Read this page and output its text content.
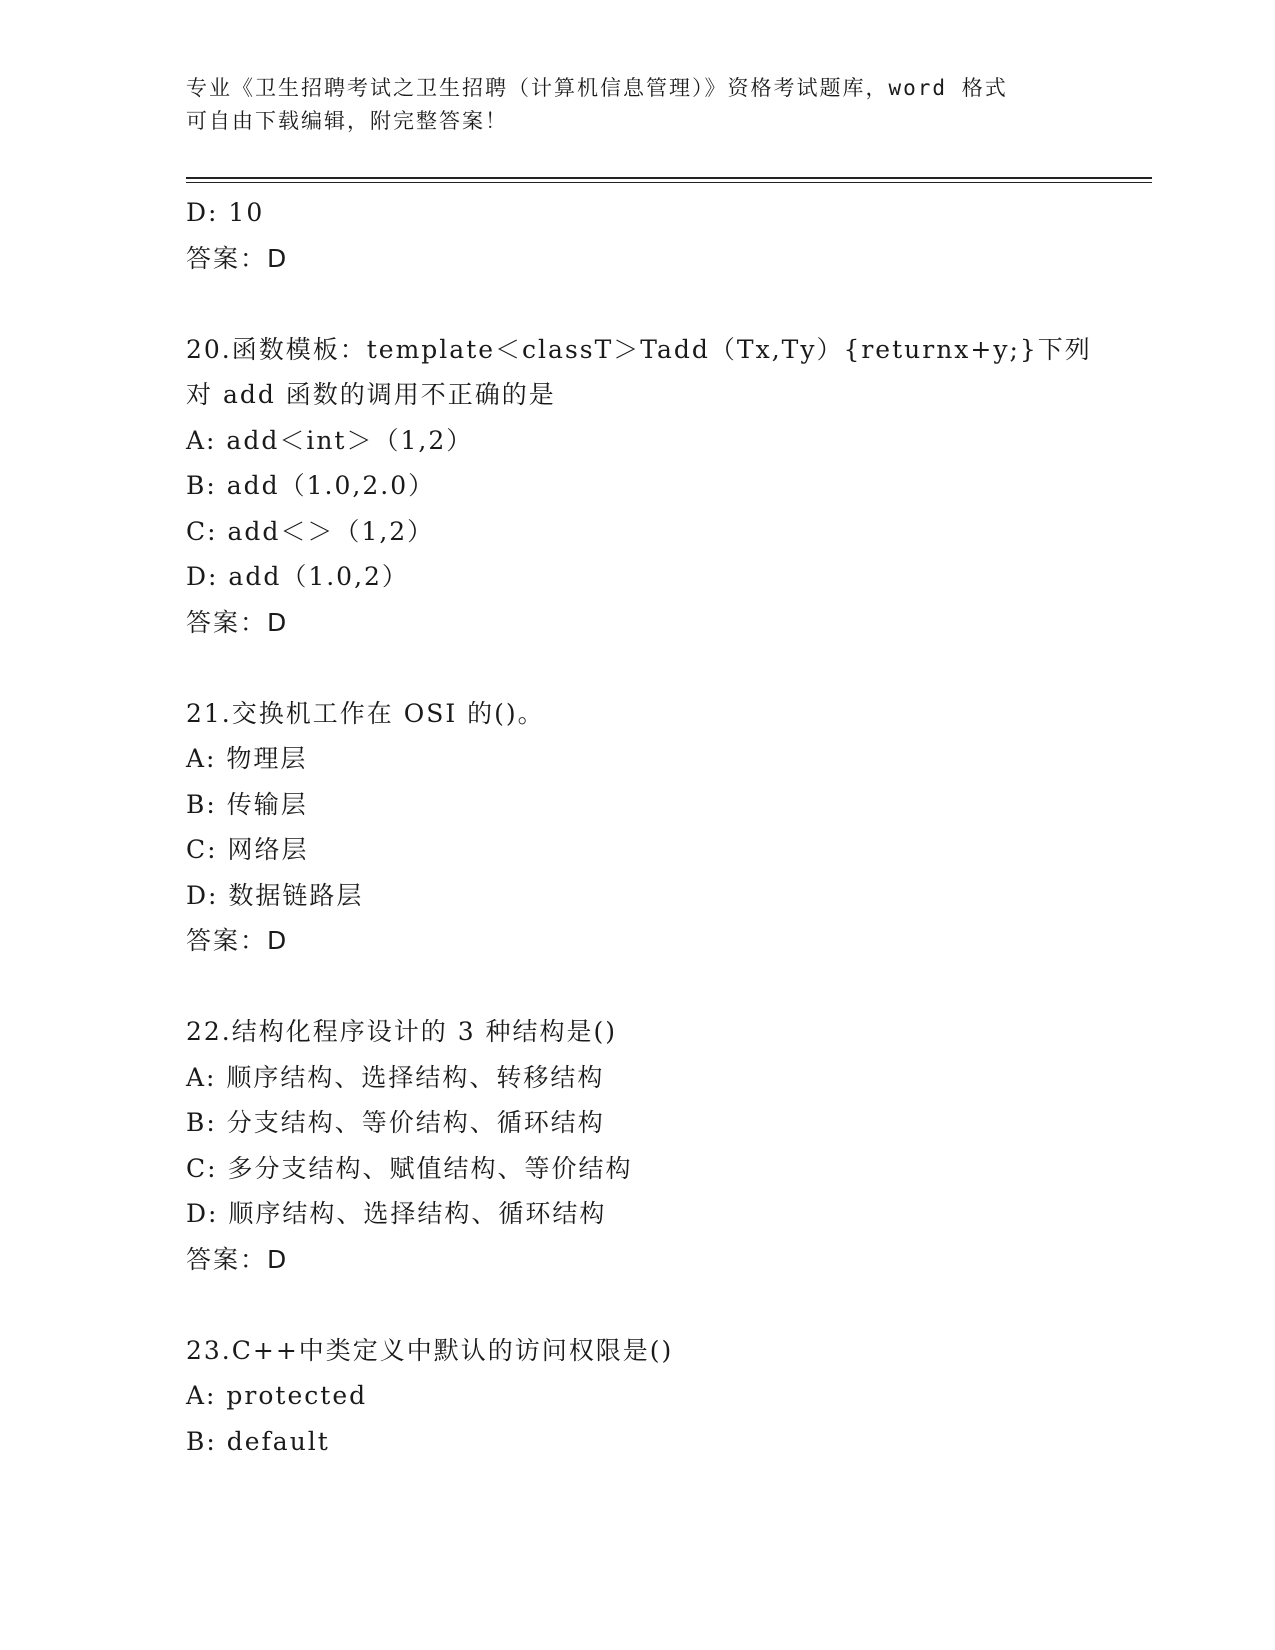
专业《卫生招聘考试之卫生招聘（计算机信息管理）》资格考试题库，word 格式
可自由下载编辑，附完整答案！
D: 10
答案：D
20.函数模板：template＜classT＞Tadd（Tx,Ty）{returnx+y;}下列
对 add 函数的调用不正确的是
A: add＜int＞（1,2）
B: add（1.0,2.0）
C: add＜＞（1,2）
D: add（1.0,2）
答案：D
21.交换机工作在 OSI 的()。
A: 物理层
B: 传输层
C: 网络层
D: 数据链路层
答案：D
22.结构化程序设计的 3 种结构是()
A: 顺序结构、选择结构、转移结构
B: 分支结构、等价结构、循环结构
C: 多分支结构、赋值结构、等价结构
D: 顺序结构、选择结构、循环结构
答案：D
23.C++中类定义中默认的访问权限是()
A: protected
B: default
